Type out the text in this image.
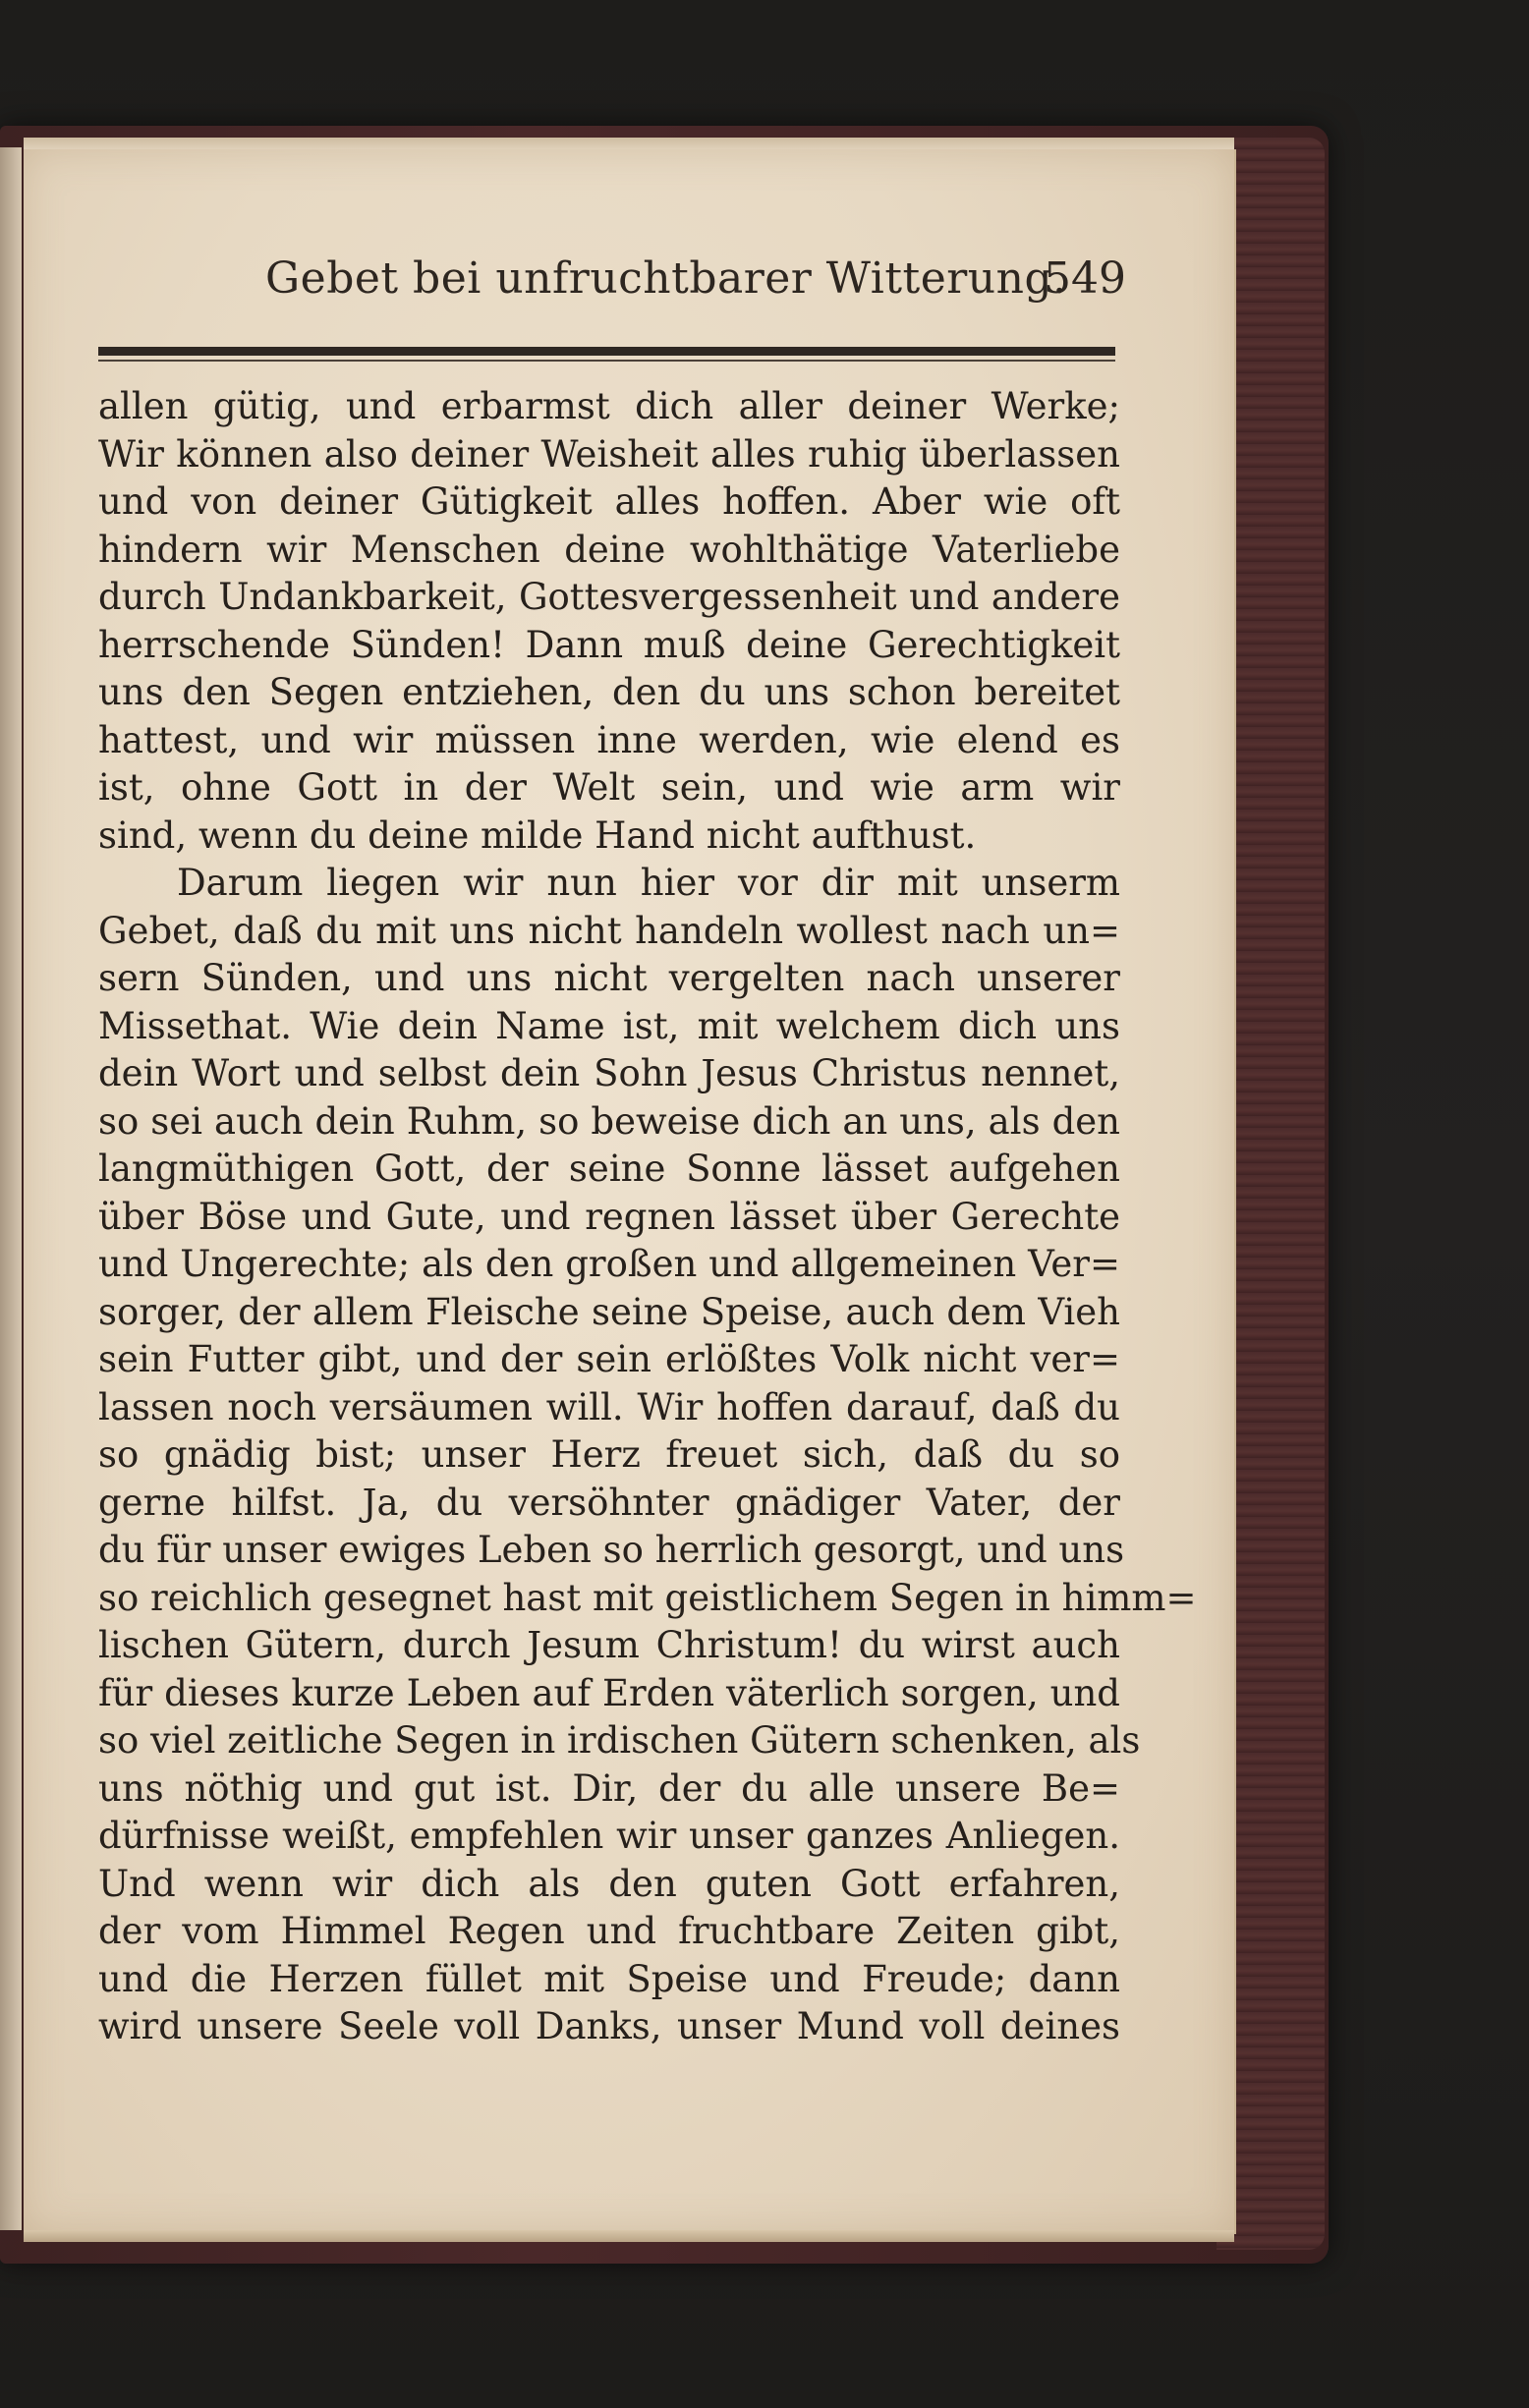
Gebet bei unfruchtbarer Witterung.
549
allen gütig, und erbarmst dich aller deiner Werke;
Wir können also deiner Weisheit alles ruhig überlassen
und von deiner Gütigkeit alles hoffen. Aber wie oft
hindern wir Menschen deine wohlthätige Vaterliebe
durch Undankbarkeit, Gottesvergessenheit und andere
herrschende Sünden! Dann muß deine Gerechtigkeit
uns den Segen entziehen, den du uns schon bereitet
hattest, und wir müssen inne werden, wie elend es
ist, ohne Gott in der Welt sein, und wie arm wir
sind, wenn du deine milde Hand nicht aufthust.
Darum liegen wir nun hier vor dir mit unserm
Gebet, daß du mit uns nicht handeln wollest nach un=
sern Sünden, und uns nicht vergelten nach unserer
Missethat. Wie dein Name ist, mit welchem dich uns
dein Wort und selbst dein Sohn Jesus Christus nennet,
so sei auch dein Ruhm, so beweise dich an uns, als den
langmüthigen Gott, der seine Sonne lässet aufgehen
über Böse und Gute, und regnen lässet über Gerechte
und Ungerechte; als den großen und allgemeinen Ver=
sorger, der allem Fleische seine Speise, auch dem Vieh
sein Futter gibt, und der sein erlößtes Volk nicht ver=
lassen noch versäumen will. Wir hoffen darauf, daß du
so gnädig bist; unser Herz freuet sich, daß du so
gerne hilfst. Ja, du versöhnter gnädiger Vater, der
du für unser ewiges Leben so herrlich gesorgt, und uns
so reichlich gesegnet hast mit geistlichem Segen in himm=
lischen Gütern, durch Jesum Christum! du wirst auch
für dieses kurze Leben auf Erden väterlich sorgen, und
so viel zeitliche Segen in irdischen Gütern schenken, als
uns nöthig und gut ist. Dir, der du alle unsere Be=
dürfnisse weißt, empfehlen wir unser ganzes Anliegen.
Und wenn wir dich als den guten Gott erfahren,
der vom Himmel Regen und fruchtbare Zeiten gibt,
und die Herzen füllet mit Speise und Freude; dann
wird unsere Seele voll Danks, unser Mund voll deines
